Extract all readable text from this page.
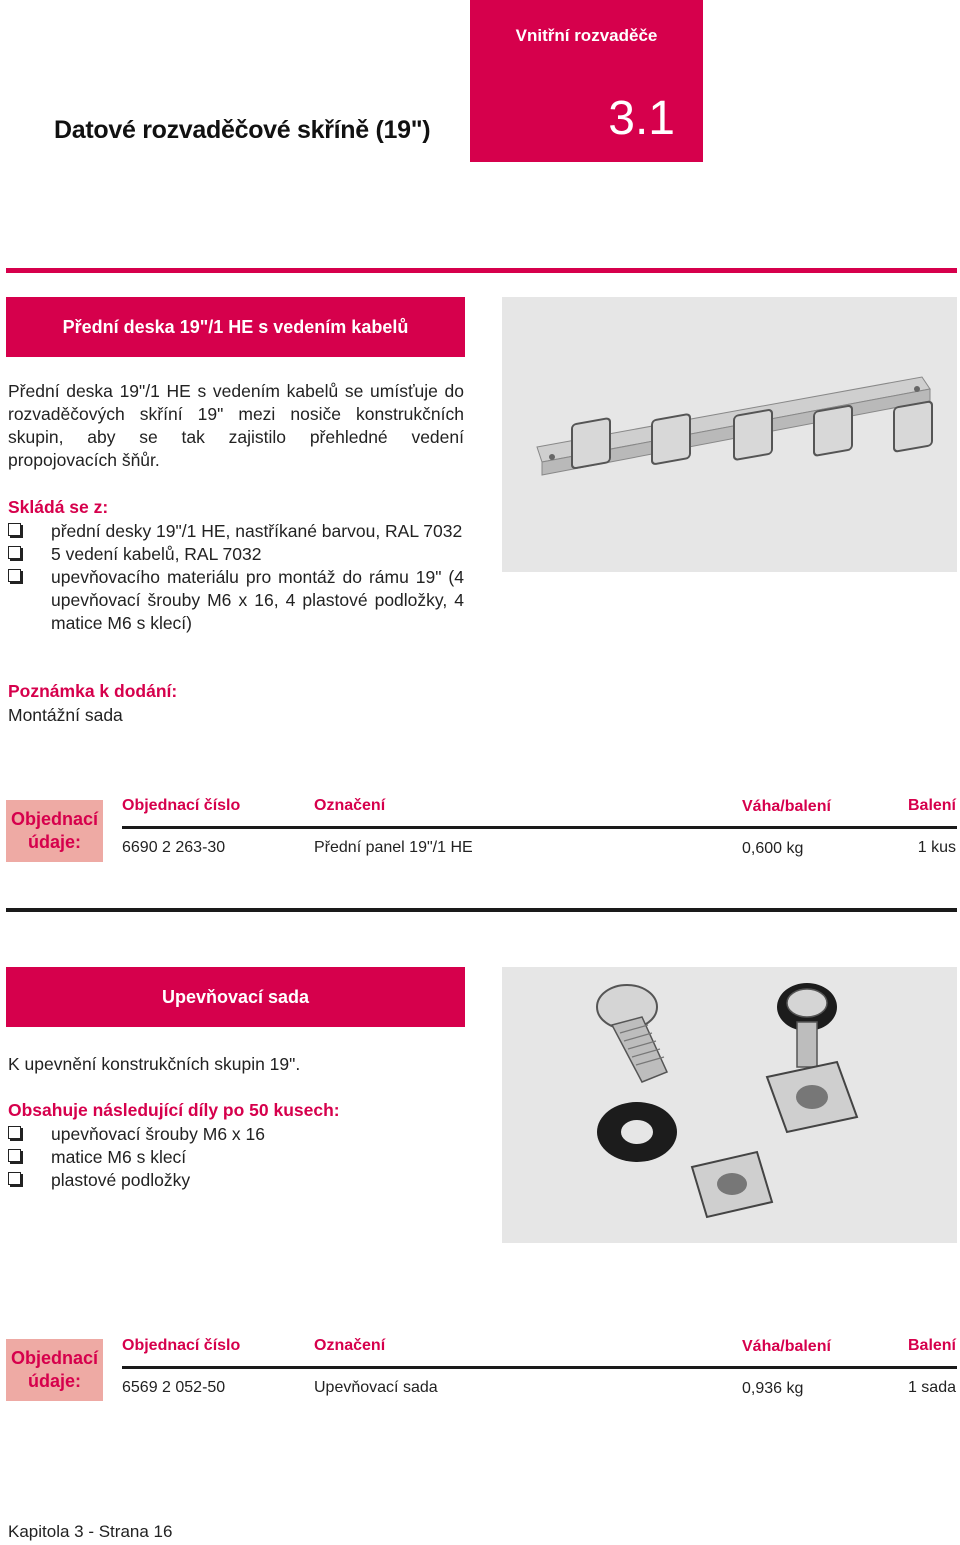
Vnitřní rozvaděče
3.1
Datové rozvaděčové skříně (19")
Přední deska 19"/1 HE s vedením kabelů
Přední deska 19"/1 HE s vedením kabelů se umísťuje do rozvaděčových skříní 19" mezi nosiče konstrukčních skupin, aby se tak zajistilo přehledné vedení propojovacích šňůr.
Skládá se z:
přední desky 19"/1 HE, nastříkané barvou, RAL 7032
5 vedení kabelů, RAL 7032
upevňovacího materiálu pro montáž do rámu 19" (4 upevňovací šrouby M6 x 16, 4 plastové podložky, 4 matice M6 s klecí)
Poznámka k dodání:
Montážní sada
Objednací
údaje:
Objednací číslo	Označení	Váha/balení	Balení
6690 2 263-30	Přední panel 19"/1 HE	0,600 kg	1 kus
Upevňovací sada
K upevnění konstrukčních skupin 19".
Obsahuje následující díly po 50 kusech:
upevňovací šrouby M6 x 16
matice M6 s klecí
plastové podložky
Objednací
údaje:
Objednací číslo	Označení	Váha/balení	Balení
6569 2 052-50	Upevňovací sada	0,936 kg	1 sada
Kapitola 3 - Strana 16
